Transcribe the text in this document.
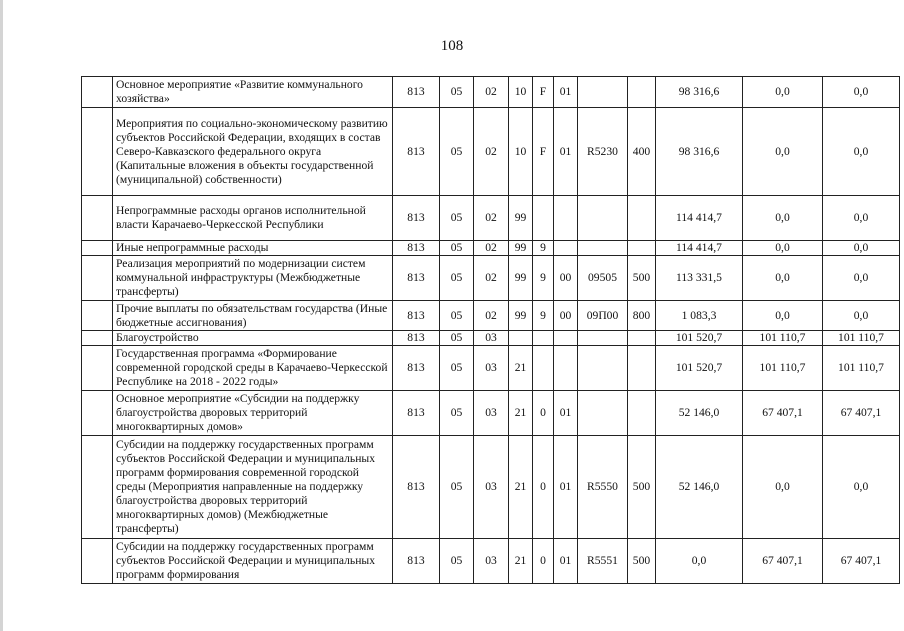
108
	Основное мероприятие «Развитие коммунального хозяйства»	813	05	02	10	F	01			98 316,6	0,0	0,0
	Мероприятия по социально-экономическому развитию субъектов Российской Федерации, входящих в состав Северо-Кавказского федерального округа (Капитальные вложения в объекты государственной (муниципальной) собственности)	813	05	02	10	F	01	R5230	400	98 316,6	0,0	0,0
	Непрограммные расходы органов исполнительной власти Карачаево-Черкесской Республики	813	05	02	99					114 414,7	0,0	0,0
	Иные непрограммные расходы	813	05	02	99	9				114 414,7	0,0	0,0
	Реализация мероприятий по модернизации систем коммунальной инфраструктуры (Межбюджетные трансферты)	813	05	02	99	9	00	09505	500	113 331,5	0,0	0,0
	Прочие выплаты по обязательствам государства (Иные бюджетные ассигнования)	813	05	02	99	9	00	09П00	800	1 083,3	0,0	0,0
	Благоустройство	813	05	03						101 520,7	101 110,7	101 110,7
	Государственная программа «Формирование современной городской среды в Карачаево-Черкесской Республике на 2018 - 2022 годы»	813	05	03	21					101 520,7	101 110,7	101 110,7
	Основное мероприятие «Субсидии на поддержку благоустройства дворовых территорий многоквартирных домов»	813	05	03	21	0	01			52 146,0	67 407,1	67 407,1
	Субсидии на поддержку государственных программ субъектов Российской Федерации и муниципальных программ формирования современной городской среды (Мероприятия направленные на поддержку благоустройства дворовых территорий многоквартирных домов) (Межбюджетные трансферты)	813	05	03	21	0	01	R5550	500	52 146,0	0,0	0,0
	Субсидии на поддержку государственных программ субъектов Российской Федерации и муниципальных программ формирования	813	05	03	21	0	01	R5551	500	0,0	67 407,1	67 407,1
